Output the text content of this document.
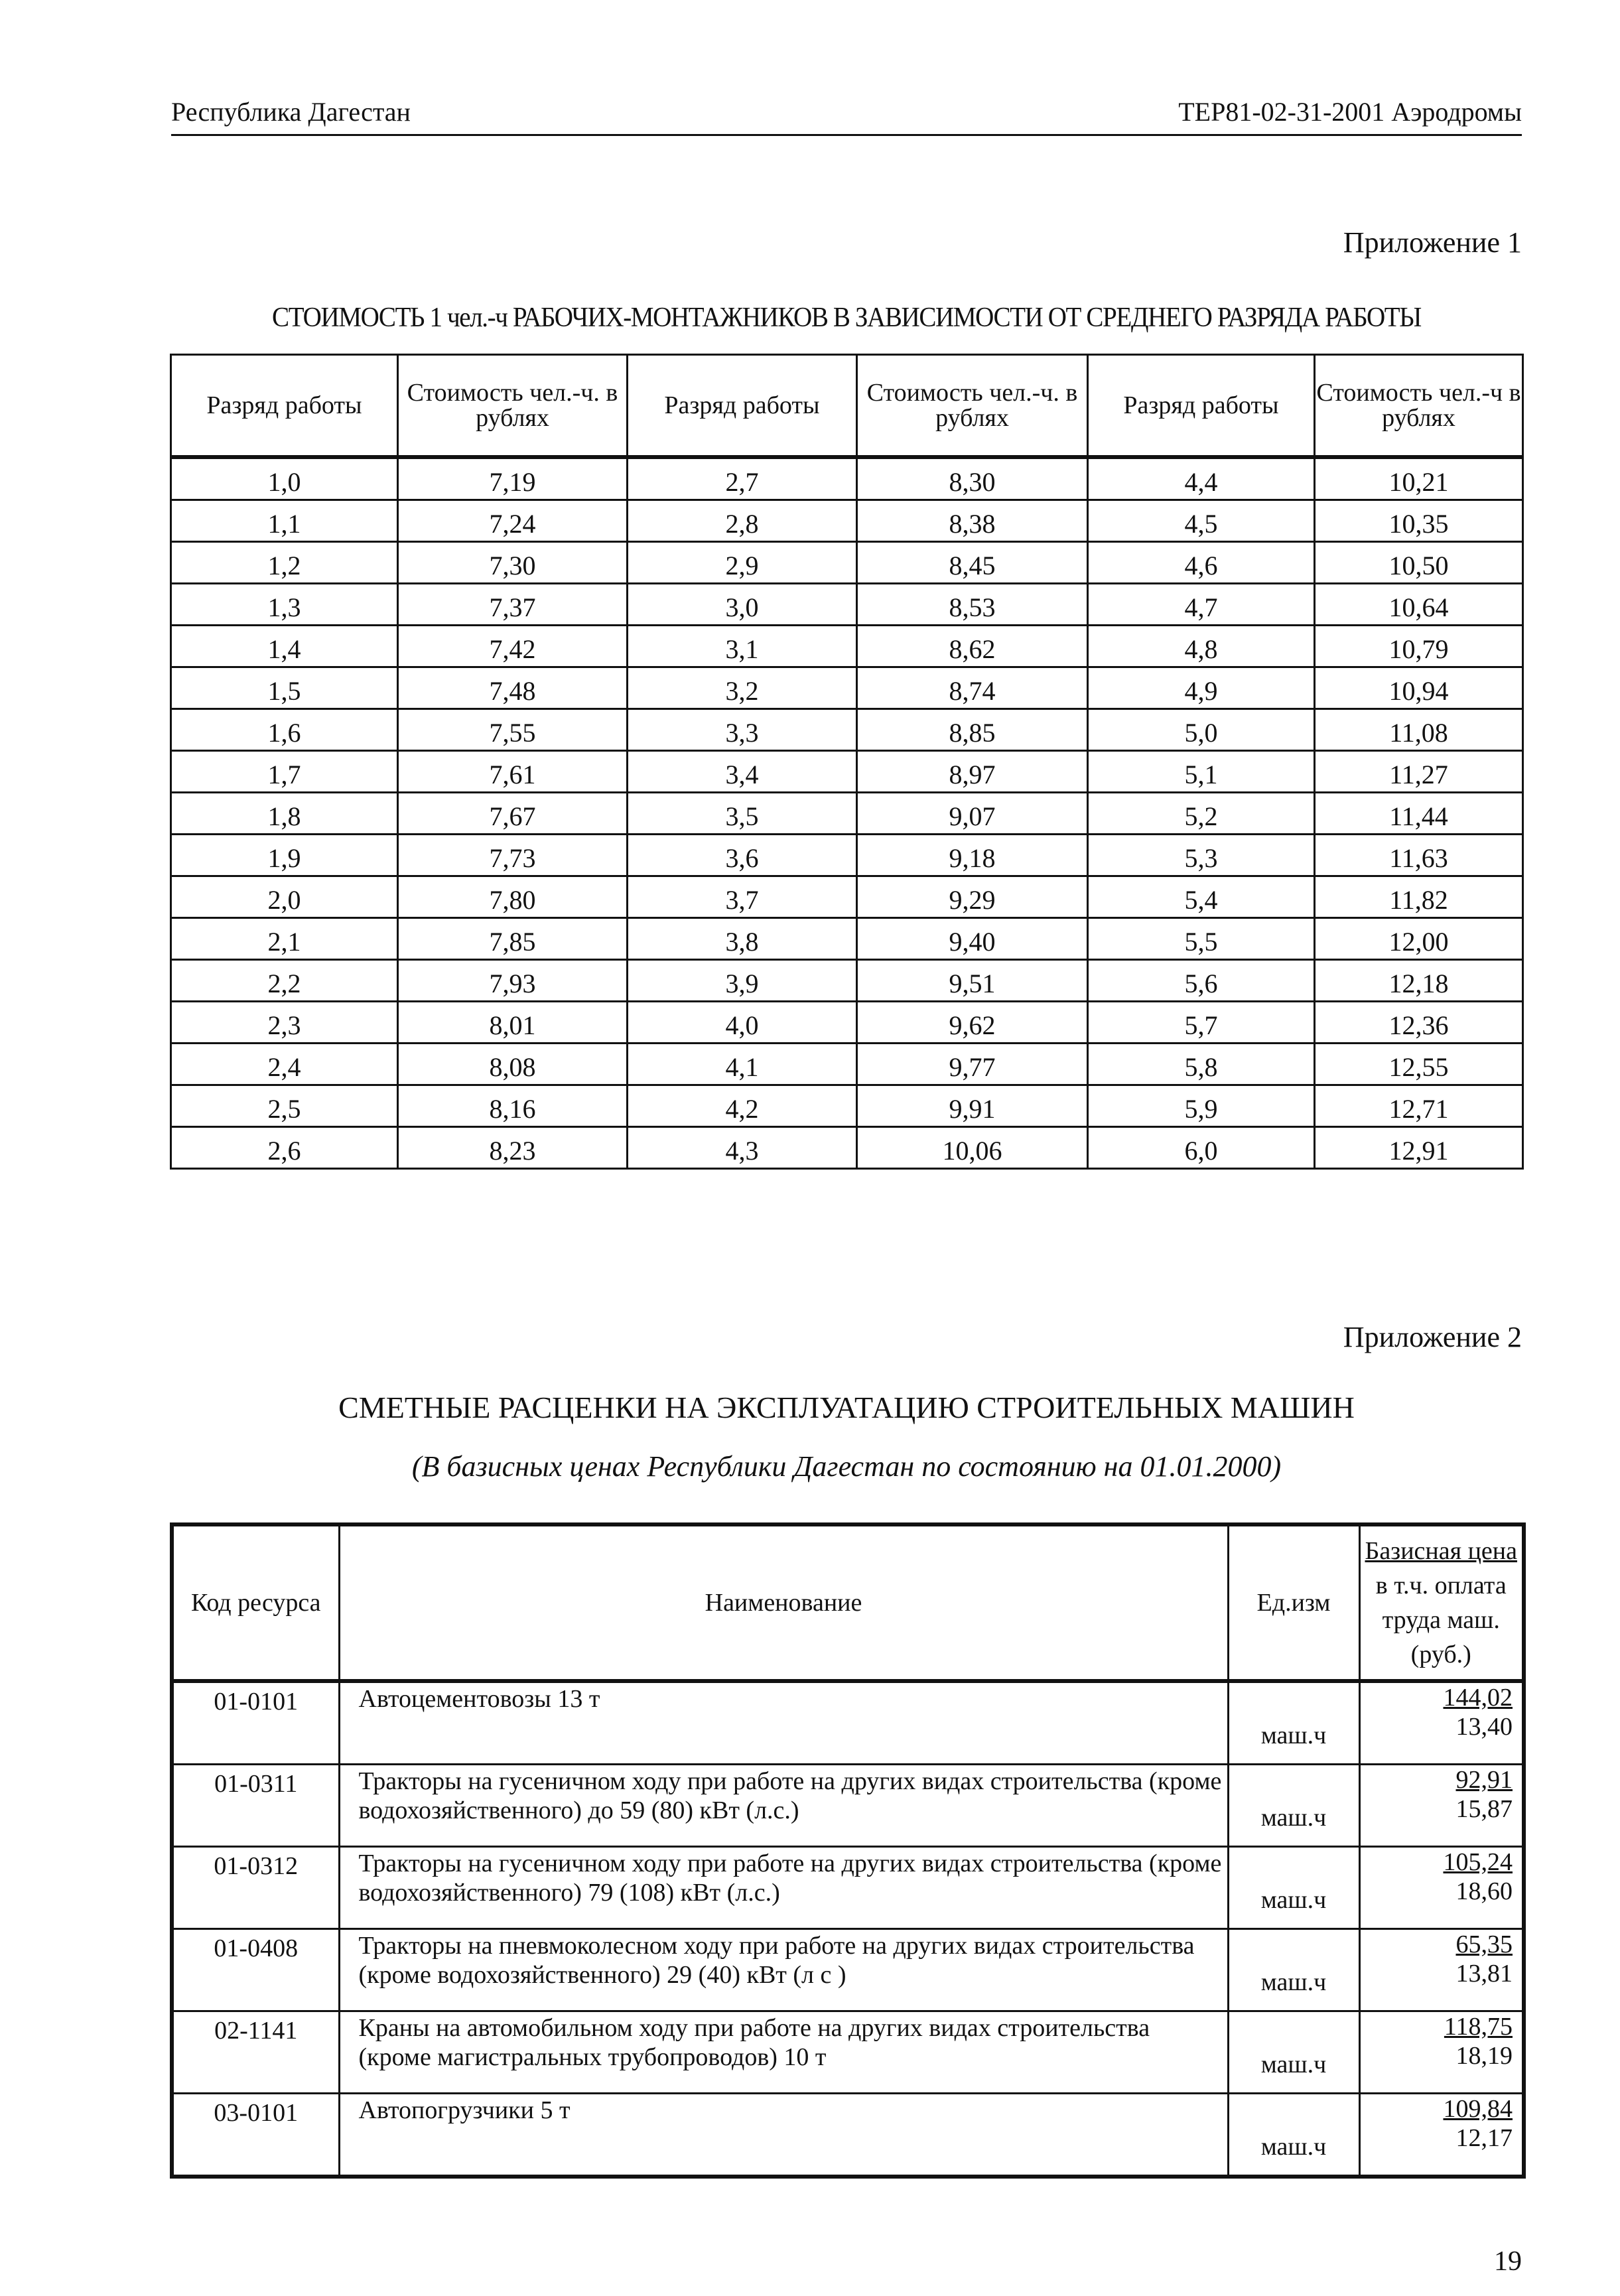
Республика Дагестан	ТЕР81-02-31-2001 Аэродромы
Приложение 1
СТОИМОСТЬ 1 чел.-ч РАБОЧИХ-МОНТАЖНИКОВ В ЗАВИСИМОСТИ ОТ СРЕДНЕГО РАЗРЯДА РАБОТЫ
Разряд работы	Стоимость чел.-ч. в рублях	Разряд работы	Стоимость чел.-ч. в рублях	Разряд работы	Стоимость чел.-ч в рублях
1,0	7,19	2,7	8,30	4,4	10,21
1,1	7,24	2,8	8,38	4,5	10,35
1,2	7,30	2,9	8,45	4,6	10,50
1,3	7,37	3,0	8,53	4,7	10,64
1,4	7,42	3,1	8,62	4,8	10,79
1,5	7,48	3,2	8,74	4,9	10,94
1,6	7,55	3,3	8,85	5,0	11,08
1,7	7,61	3,4	8,97	5,1	11,27
1,8	7,67	3,5	9,07	5,2	11,44
1,9	7,73	3,6	9,18	5,3	11,63
2,0	7,80	3,7	9,29	5,4	11,82
2,1	7,85	3,8	9,40	5,5	12,00
2,2	7,93	3,9	9,51	5,6	12,18
2,3	8,01	4,0	9,62	5,7	12,36
2,4	8,08	4,1	9,77	5,8	12,55
2,5	8,16	4,2	9,91	5,9	12,71
2,6	8,23	4,3	10,06	6,0	12,91
Приложение 2
СМЕТНЫЕ РАСЦЕНКИ НА ЭКСПЛУАТАЦИЮ СТРОИТЕЛЬНЫХ МАШИН
(В базисных ценах Республики Дагестан по состоянию на 01.01.2000)
Код ресурса	Наименование	Ед.изм	Базисная цена
в т.ч. оплата
труда маш.
(руб.)

01-0101	Автоцементовозы 13 т	маш.ч	144,02
13,40

01-0311	Тракторы на гусеничном ходу при работе на других видах строительства (кроме водохозяйственного) до 59 (80) кВт (л.с.)	маш.ч	92,91
15,87

01-0312	Тракторы на гусеничном ходу при работе на других видах строительства (кроме водохозяйственного) 79 (108) кВт (л.с.)	маш.ч	105,24
18,60

01-0408	Тракторы на пневмоколесном ходу при работе на других видах строительства (кроме водохозяйственного) 29 (40) кВт (л с )	маш.ч	65,35
13,81

02-1141	Краны на автомобильном ходу при работе на других видах строительства (кроме магистральных трубопроводов) 10 т	маш.ч	118,75
18,19

03-0101	Автопогрузчики 5 т	маш.ч	109,84
12,17
19
